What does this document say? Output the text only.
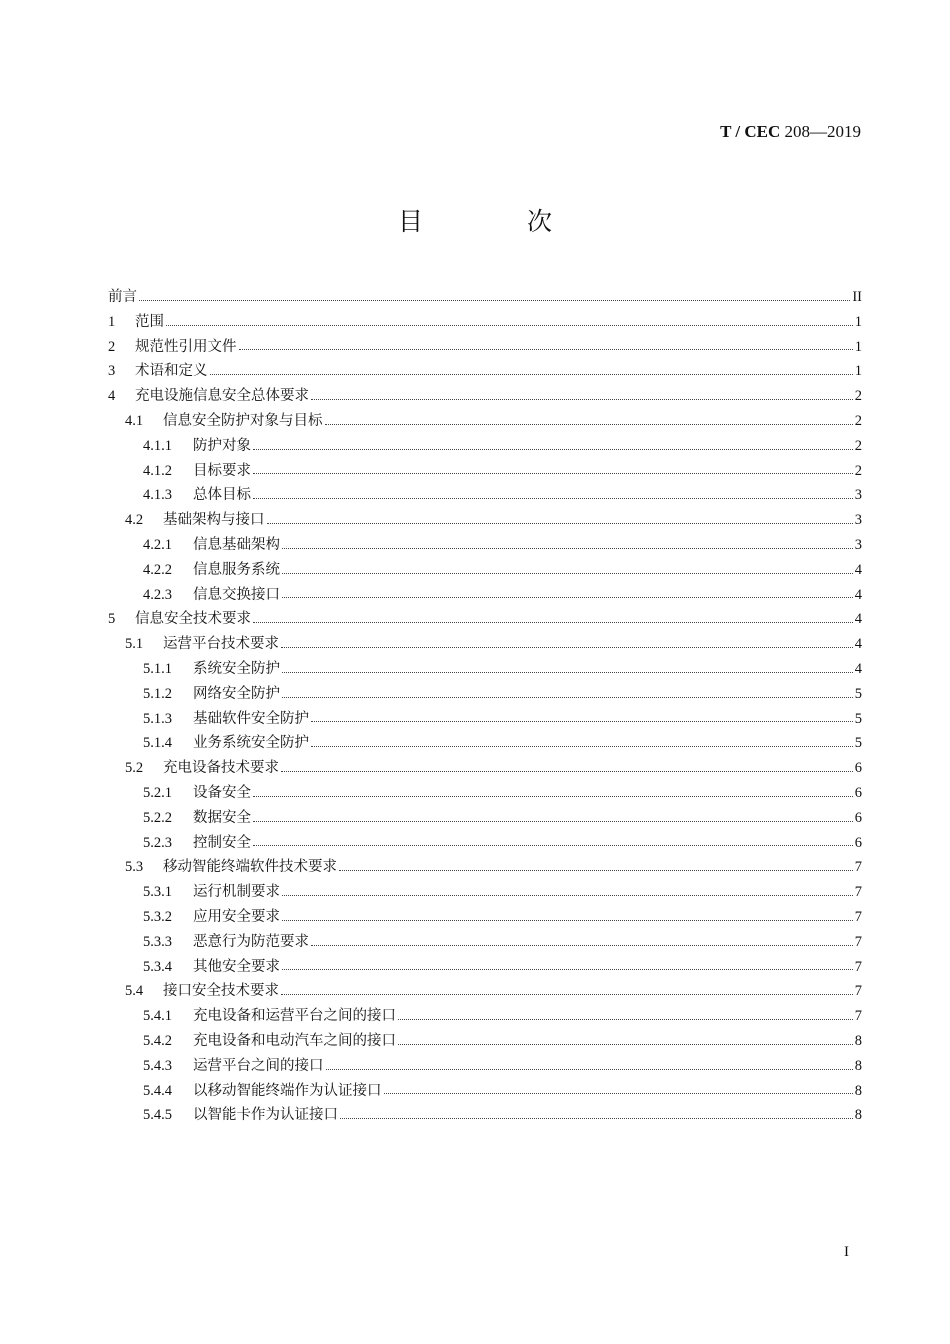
T / CEC 208—2019
目 次
前言	II
1	范围	1
2	规范性引用文件	1
3	术语和定义	1
4	充电设施信息安全总体要求	2
4.1	信息安全防护对象与目标	2
4.1.1	防护对象	2
4.1.2	目标要求	2
4.1.3	总体目标	3
4.2	基础架构与接口	3
4.2.1	信息基础架构	3
4.2.2	信息服务系统	4
4.2.3	信息交换接口	4
5	信息安全技术要求	4
5.1	运营平台技术要求	4
5.1.1	系统安全防护	4
5.1.2	网络安全防护	5
5.1.3	基础软件安全防护	5
5.1.4	业务系统安全防护	5
5.2	充电设备技术要求	6
5.2.1	设备安全	6
5.2.2	数据安全	6
5.2.3	控制安全	6
5.3	移动智能终端软件技术要求	7
5.3.1	运行机制要求	7
5.3.2	应用安全要求	7
5.3.3	恶意行为防范要求	7
5.3.4	其他安全要求	7
5.4	接口安全技术要求	7
5.4.1	充电设备和运营平台之间的接口	7
5.4.2	充电设备和电动汽车之间的接口	8
5.4.3	运营平台之间的接口	8
5.4.4	以移动智能终端作为认证接口	8
5.4.5	以智能卡作为认证接口	8
I
